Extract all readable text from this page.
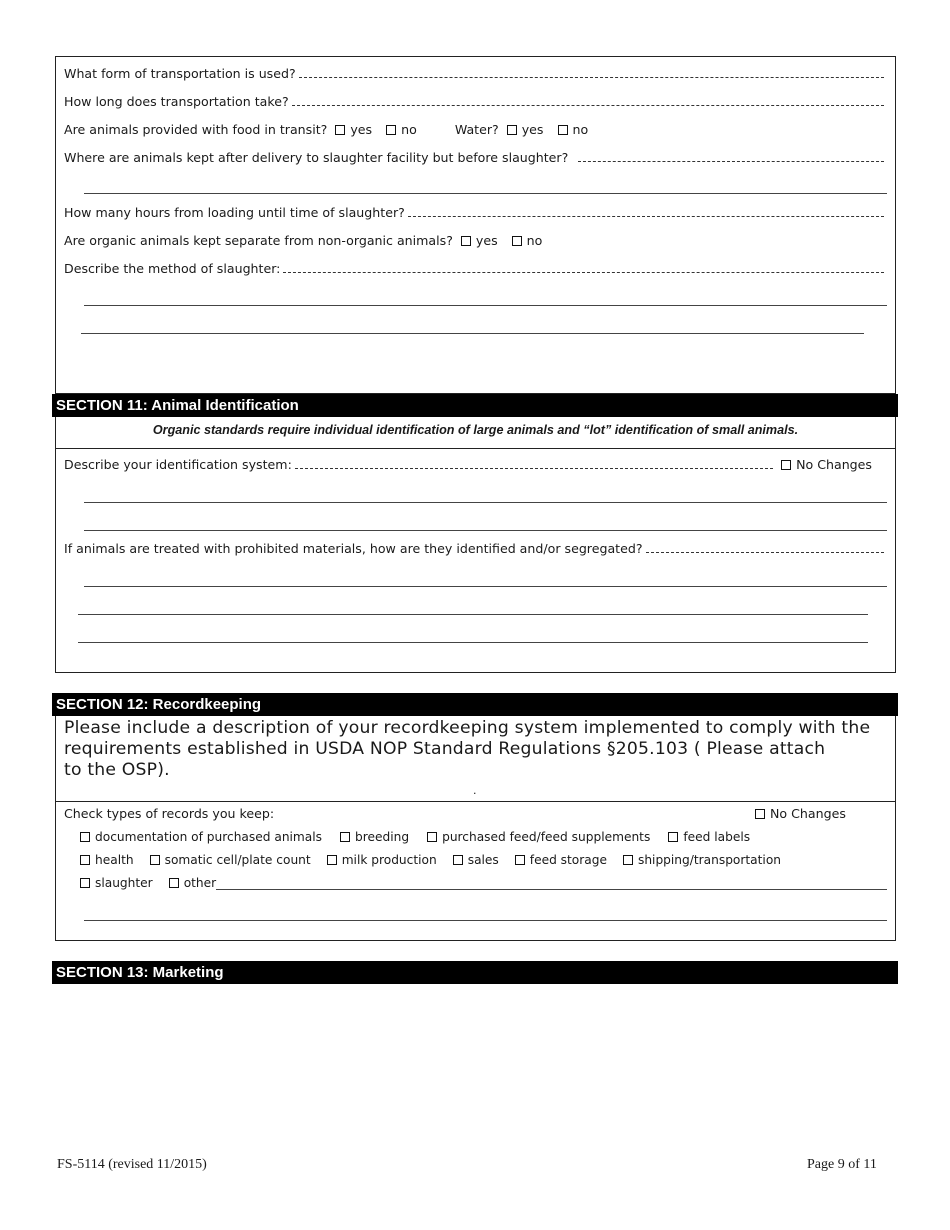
What form of transportation is used?
How long does transportation take?
Are animals provided with food in transit? yes no	Water? yes no
Where are animals kept after delivery to slaughter facility but before slaughter?
How many hours from loading until time of slaughter?
Are organic animals kept separate from non-organic animals? yes no
Describe the method of slaughter:
SECTION 11: Animal Identification
Organic standards require individual identification of large animals and “lot” identification of small animals.
Describe your identification system:	No Changes
If animals are treated with prohibited materials, how are they identified and/or segregated?
SECTION 12: Recordkeeping
Please include a description of your recordkeeping system implemented to comply with the
requirements established in USDA NOP Standard Regulations §205.103 ( Please attach
to the OSP).
.
Check types of records you keep:	No Changes
documentation of purchased animals	breeding	purchased feed/feed supplements	feed labels
health	somatic cell/plate count	milk production	sales	feed storage	shipping/transportation
slaughter	other
SECTION 13: Marketing
FS-5114 (revised 11/2015)	Page 9 of 11
